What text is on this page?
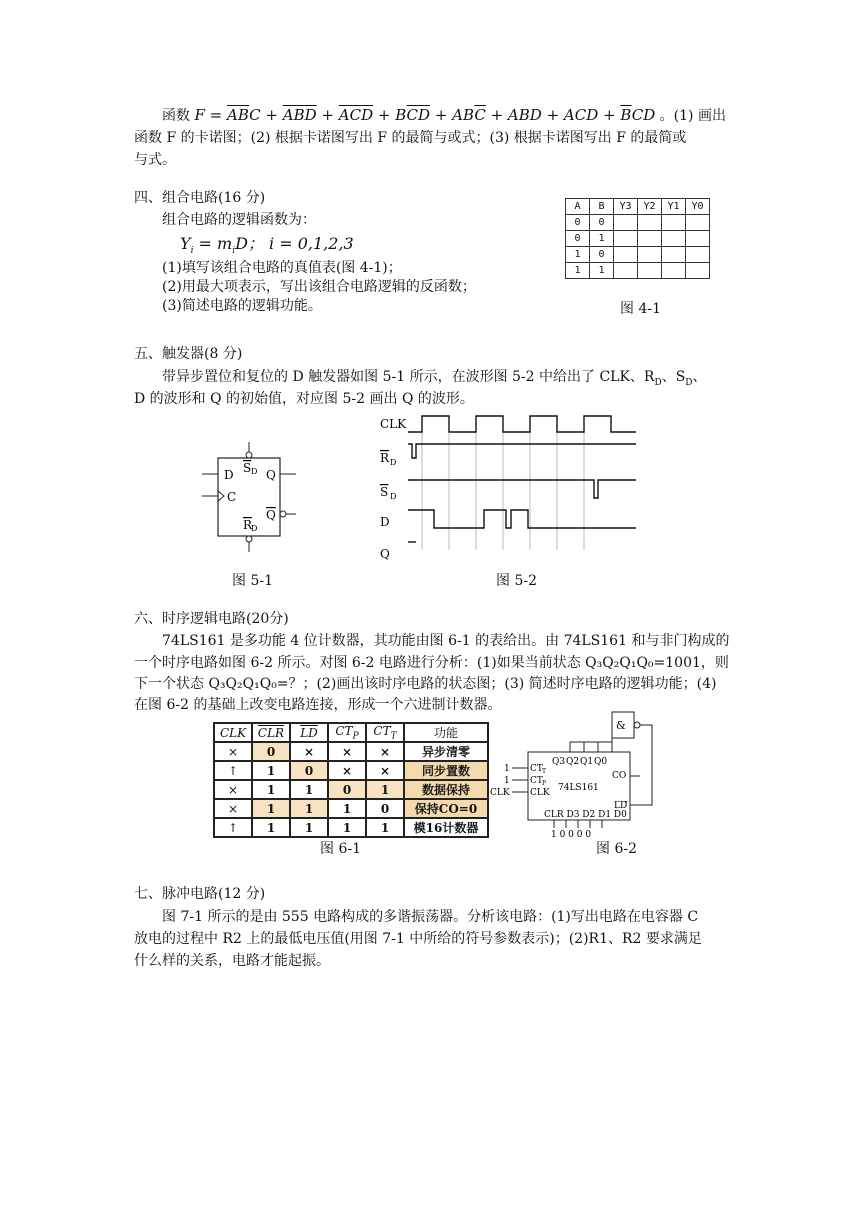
函数 $F = \overline{A}\overline{B}C + \overline{A}\overline{B}\overline{D} + \overline{A}CD$ + BCD + $AB\overline{C}$ + ABD + ACD + $\overline{B}CD$ 。(1) 画出
函数 F 的卡诺图；(2) 根据卡诺图写出 F 的最简与或式；(3) 根据卡诺图写出 F 的最简或
与式。
四、组合电路(16 分)
组合电路的逻辑函数为：
$Y_i = m_iD$； i = 0,1,2,3
(1)填写该组合电路的真值表(图 4-1)；
(2)用最大项表示，写出该组合电路逻辑的反函数；
(3)简述电路的逻辑功能。
A	B	Y3	Y2	Y1	Y0
0	0				
0	1				
1	0				
1	1				
图 4-1
五、触发器(8 分)
带异步置位和复位的 D 触发器如图 5-1 所示，在波形图 5-2 中给出了 CLK、$R_D$、$S_D$、
D 的波形和 Q 的初始值，对应图 5-2 画出 Q 的波形。
D
C
Q
Q
S D
R
D
图 5-1
CLK
R D
S D
D
Q
图 5-2
六、时序逻辑电路(20分)
74LS161 是多功能 4 位计数器，其功能由图 6-1 的表给出。由 74LS161 和与非门构成的
一个时序电路如图 6-2 所示。对图 6-2 电路进行分析：(1)如果当前状态 Q₃Q₂Q₁Q₀=1001，则
下一个状态 Q₃Q₂Q₁Q₀=？；(2)画出该时序电路的状态图；(3) 简述时序电路的逻辑功能；(4)
在图 6-2 的基础上改变电路连接，形成一个六进制计数器。
CLK	$\overline{CLR}$	$\overline{LD}$	$CT_P$	$CT_T$	功能
×	0	×	×	×	异步清零
↑	1	0	×	×	同步置数
×	1	1	0	1	数据保持
×	1	1	1	0	保持CO=0
↑	1	1	1	1	模16计数器
图 6-1
&
Q3 Q2 Q1 Q0
CT T
CT P
CLK 74LS161
CO
LD
CLR D3 D2 D1 D0
1
1
CLK
1 0 0 0 0
图 6-2
七、脉冲电路(12 分)
图 7-1 所示的是由 555 电路构成的多谐振荡器。分析该电路：(1)写出电路在电容器 C
放电的过程中 R2 上的最低电压值(用图 7-1 中所给的符号参数表示)；(2)R1、R2 要求满足
什么样的关系，电路才能起振。
